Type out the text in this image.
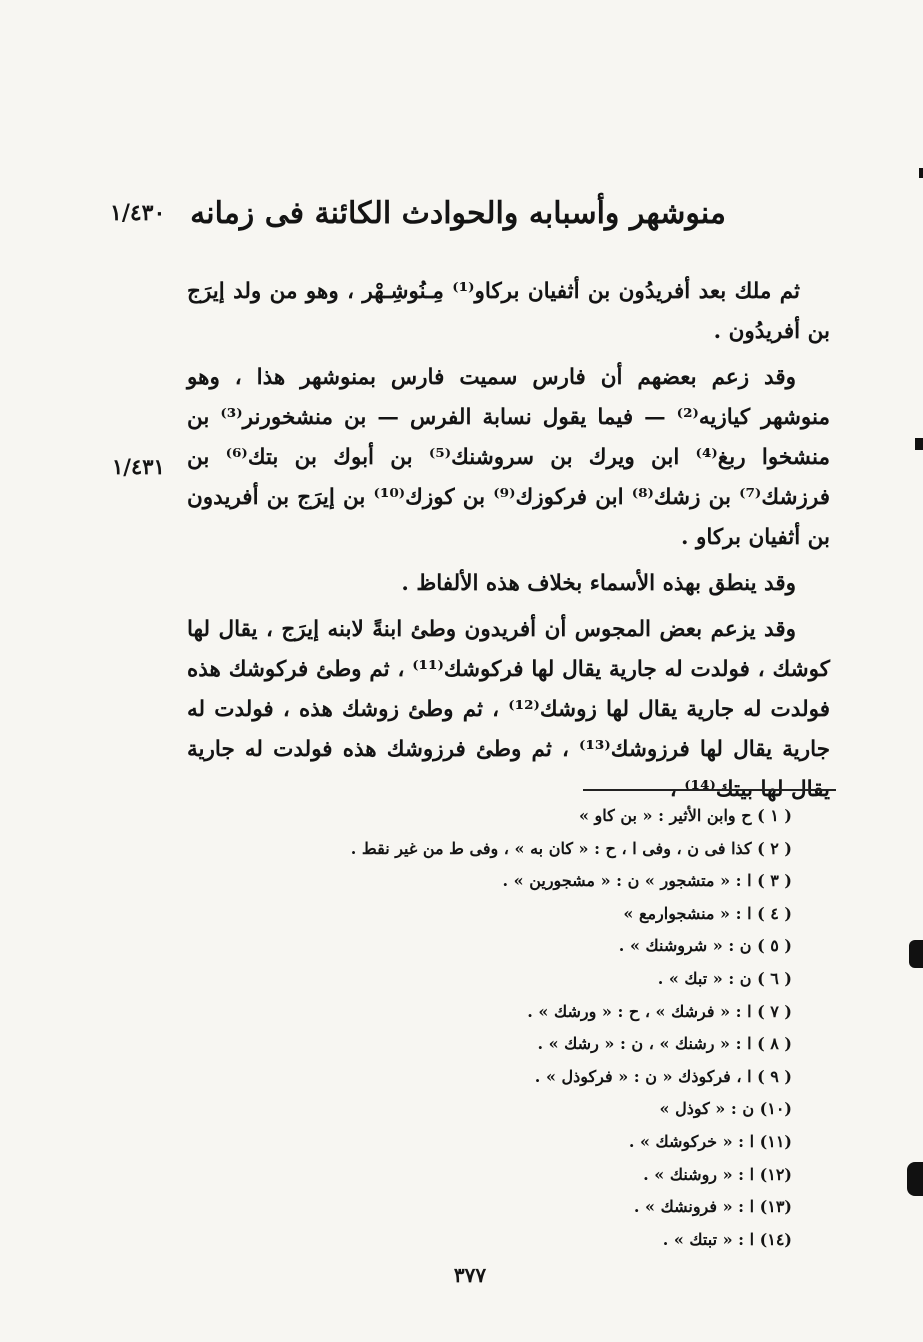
منوشهر وأسبابه والحوادث الكائنة فى زمانه
١/٤٣٠

ثم ملك بعد أفريدُون بن أثفيان بركاو⁽¹⁾ مِـنُوشِـهْر ، وهو من ولد إيرَج بن أفريدُون .

وقد زعم بعضهم أن فارس سميت فارس بمنوشهر هذا ، وهو منوشهر كيازيه⁽²⁾ — فيما يقول نسابة الفرس — بن منشخورنر⁽³⁾ بن منشخوا ربغ⁽⁴⁾ ابن ويرك بن سروشنك⁽⁵⁾ بن أبوك بن بتك⁽⁶⁾ بن فرزشك⁽⁷⁾ بن زشك⁽⁸⁾ ابن فركوزك⁽⁹⁾ بن كوزك⁽¹⁰⁾ بن إيرَج بن أفريدون بن أثفيان بركاو .

وقد ينطق بهذه الأسماء بخلاف هذه الألفاظ .

وقد يزعم بعض المجوس أن أفريدون وطئ ابنةً لابنه إيرَج ، يقال لها كوشك ، فولدت له جارية يقال لها فركوشك⁽¹¹⁾ ، ثم وطئ فركوشك هذه فولدت له جارية يقال لها زوشك⁽¹²⁾ ، ثم وطئ زوشك هذه ، فولدت له جارية يقال لها فرزوشك⁽¹³⁾ ، ثم وطئ فرزوشك هذه فولدت له جارية يقال لها بيتك⁽¹⁴⁾ ،

١/٤٣١
( ١ ) ح وابن الأثير : « بن كاو »
( ٢ ) كذا فى ن ، وفى ا ، ح : « كان به » ، وفى ط من غير نقط .
( ٣ ) ا : « متشجور » ن : « مشجورين » .
( ٤ ) ا : « منشجوارمع »
( ٥ ) ن : « شروشنك » .
( ٦ ) ن : « تبك » .
( ٧ ) ا : « فرشك » ، ح : « ورشك » .
( ٨ ) ا : « رشنك » ، ن : « رشك » .
( ٩ ) ا ، فركوذك « ن : « فركوذل » .
(١٠) ن : « كوذل »
(١١) ا : « خركوشك » .
(١٢) ا : « روشنك » .
(١٣) ا : « فرونشك » .
(١٤) ا : « تبتك » .
٣٧٧
